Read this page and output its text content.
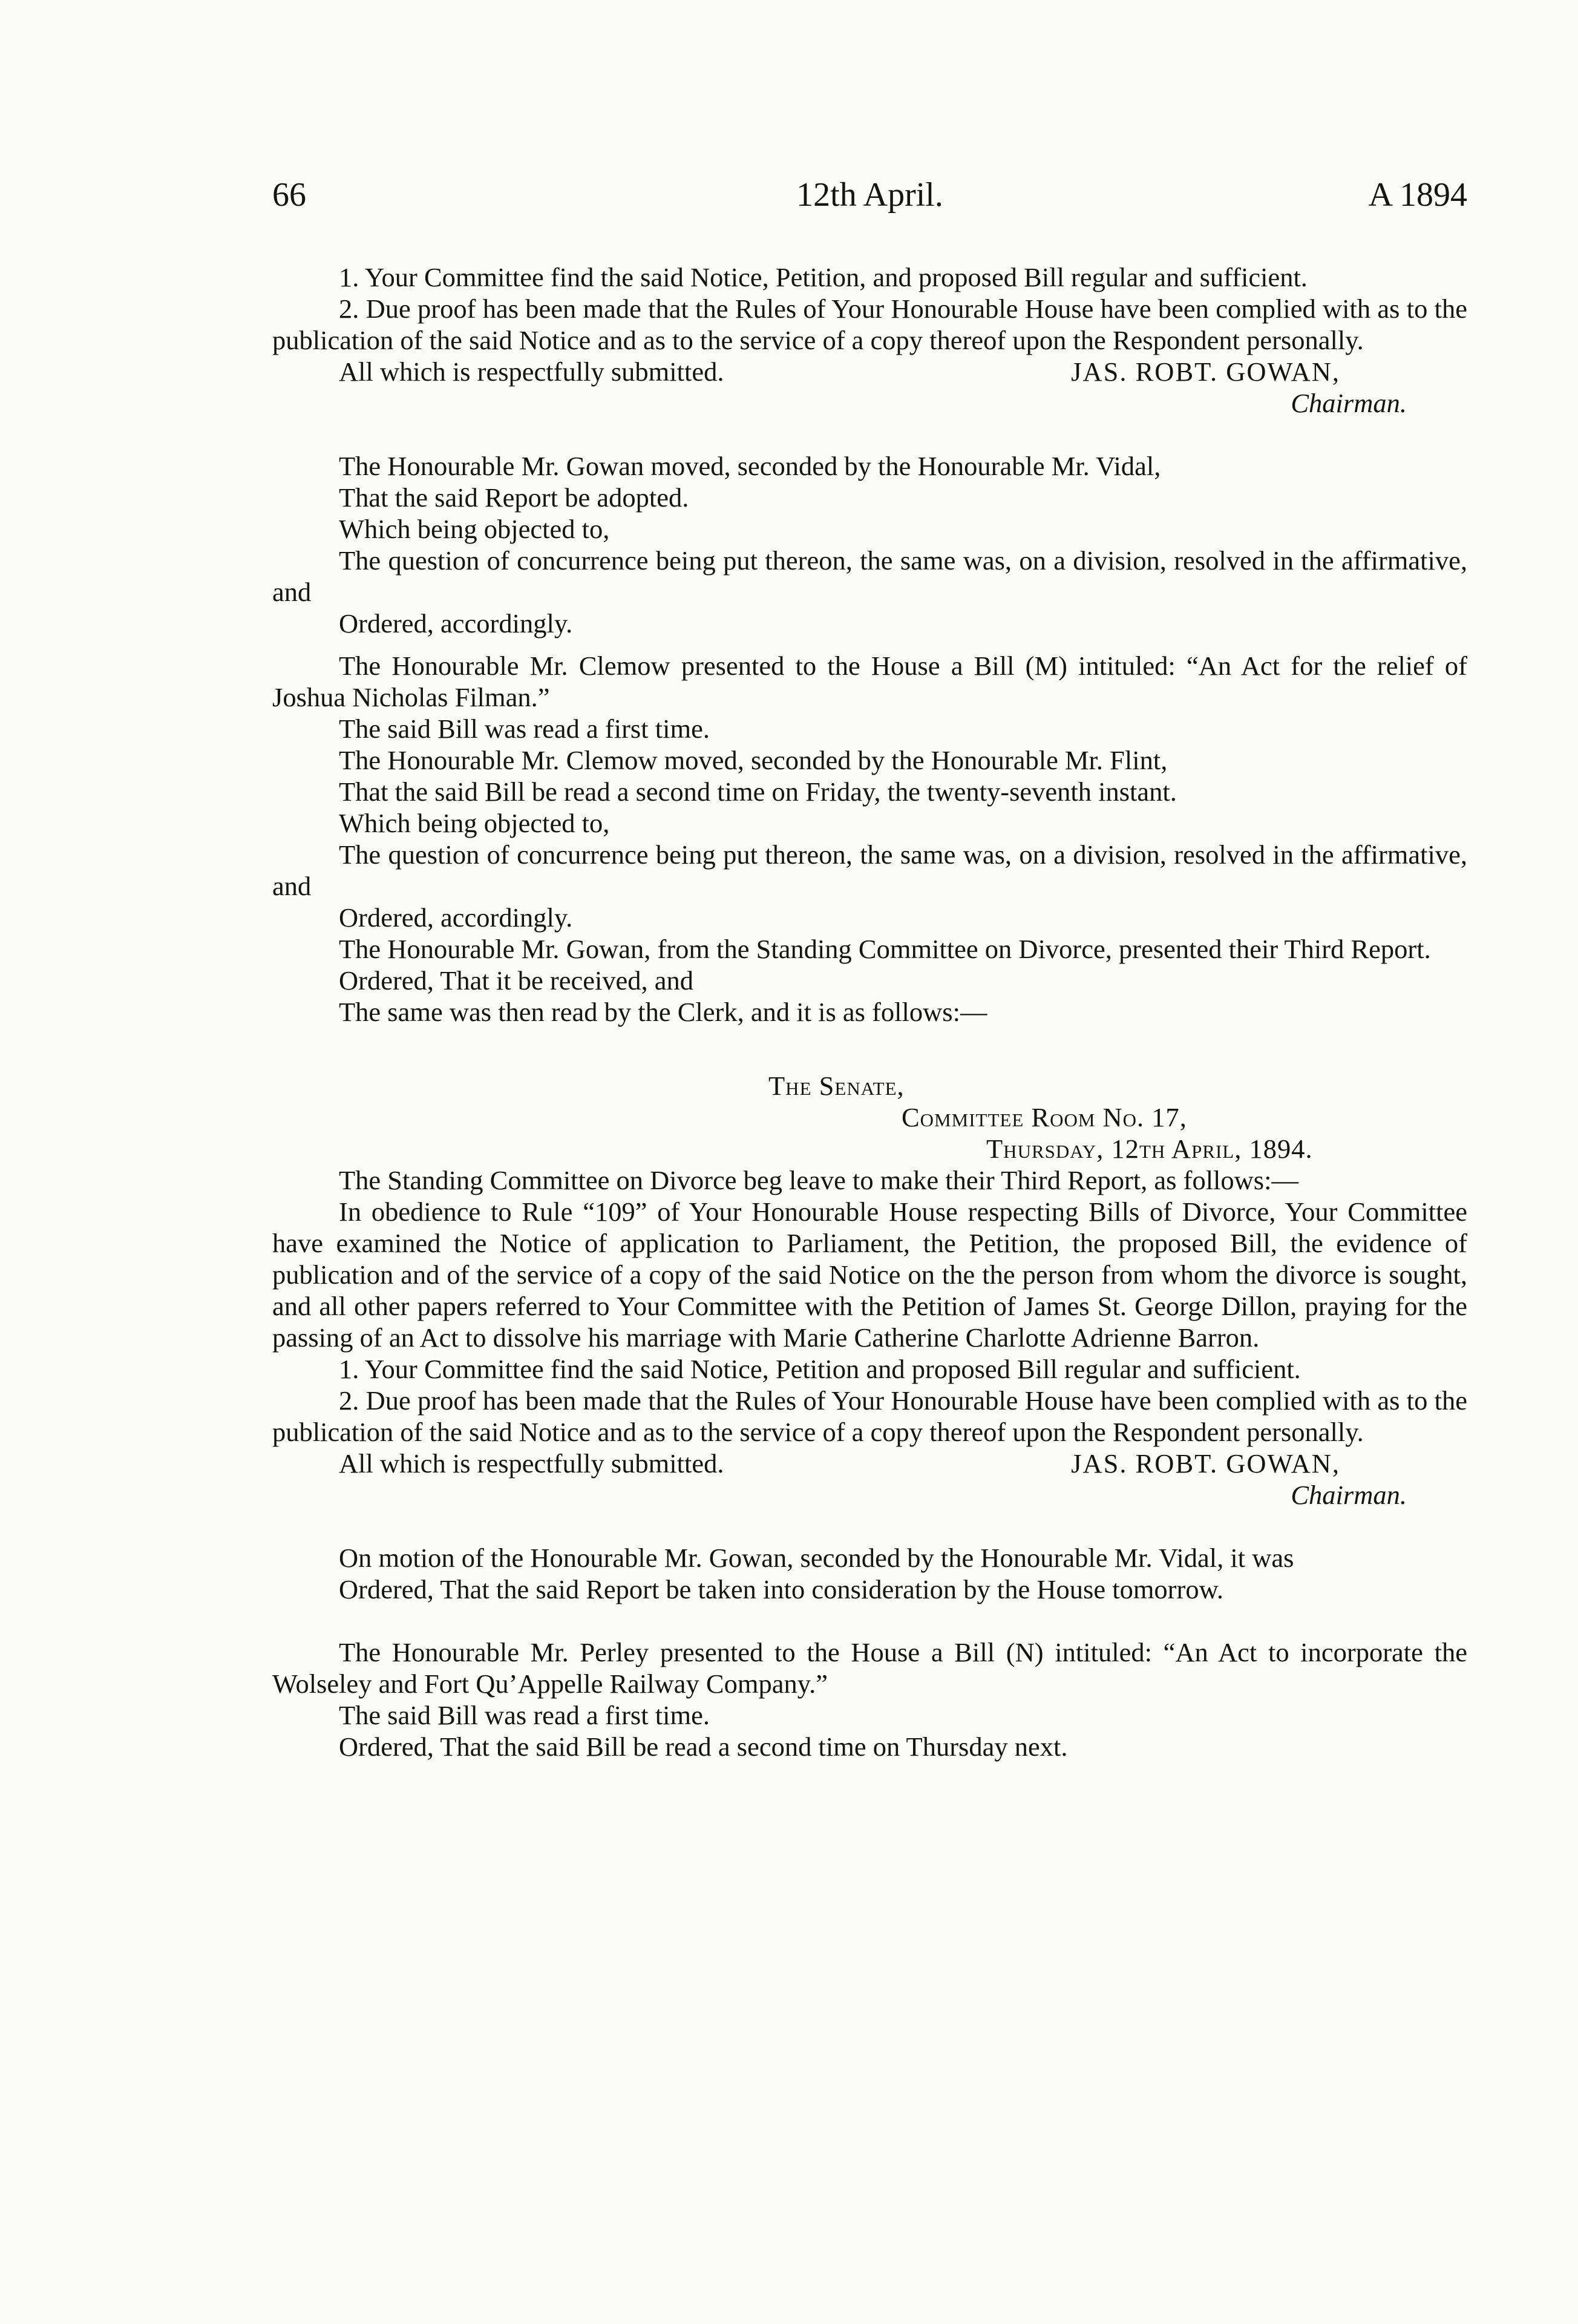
66	12th April.	A 1894

1. Your Committee find the said Notice, Petition, and proposed Bill regular and sufficient.

2. Due proof has been made that the Rules of Your Honourable House have been complied with as to the publication of the said Notice and as to the service of a copy thereof upon the Respondent personally.

All which is respectfully submitted.	JAS. ROBT. GOWAN,

Chairman.

The Honourable Mr. Gowan moved, seconded by the Honourable Mr. Vidal,

That the said Report be adopted.

Which being objected to,

The question of concurrence being put thereon, the same was, on a division, resolved in the affirmative, and

Ordered, accordingly.

The Honourable Mr. Clemow presented to the House a Bill (M) intituled: “An Act for the relief of Joshua Nicholas Filman.”

The said Bill was read a first time.

The Honourable Mr. Clemow moved, seconded by the Honourable Mr. Flint,

That the said Bill be read a second time on Friday, the twenty-seventh instant.

Which being objected to,

The question of concurrence being put thereon, the same was, on a division, resolved in the affirmative, and

Ordered, accordingly.

The Honourable Mr. Gowan, from the Standing Committee on Divorce, presented their Third Report.

Ordered, That it be received, and

The same was then read by the Clerk, and it is as follows:—

The Senate,

Committee Room No. 17,

Thursday, 12th April, 1894.

The Standing Committee on Divorce beg leave to make their Third Report, as follows:—

In obedience to Rule “109” of Your Honourable House respecting Bills of Divorce, Your Committee have examined the Notice of application to Parliament, the Petition, the proposed Bill, the evidence of publication and of the service of a copy of the said Notice on the the person from whom the divorce is sought, and all other papers referred to Your Committee with the Petition of James St. George Dillon, praying for the passing of an Act to dissolve his marriage with Marie Catherine Charlotte Adrienne Barron.

1. Your Committee find the said Notice, Petition and proposed Bill regular and sufficient.

2. Due proof has been made that the Rules of Your Honourable House have been complied with as to the publication of the said Notice and as to the service of a copy thereof upon the Respondent personally.

All which is respectfully submitted.	JAS. ROBT. GOWAN,

Chairman.

On motion of the Honourable Mr. Gowan, seconded by the Honourable Mr. Vidal, it was

Ordered, That the said Report be taken into consideration by the House tomorrow.

The Honourable Mr. Perley presented to the House a Bill (N) intituled: “An Act to incorporate the Wolseley and Fort Qu’Appelle Railway Company.”

The said Bill was read a first time.

Ordered, That the said Bill be read a second time on Thursday next.
